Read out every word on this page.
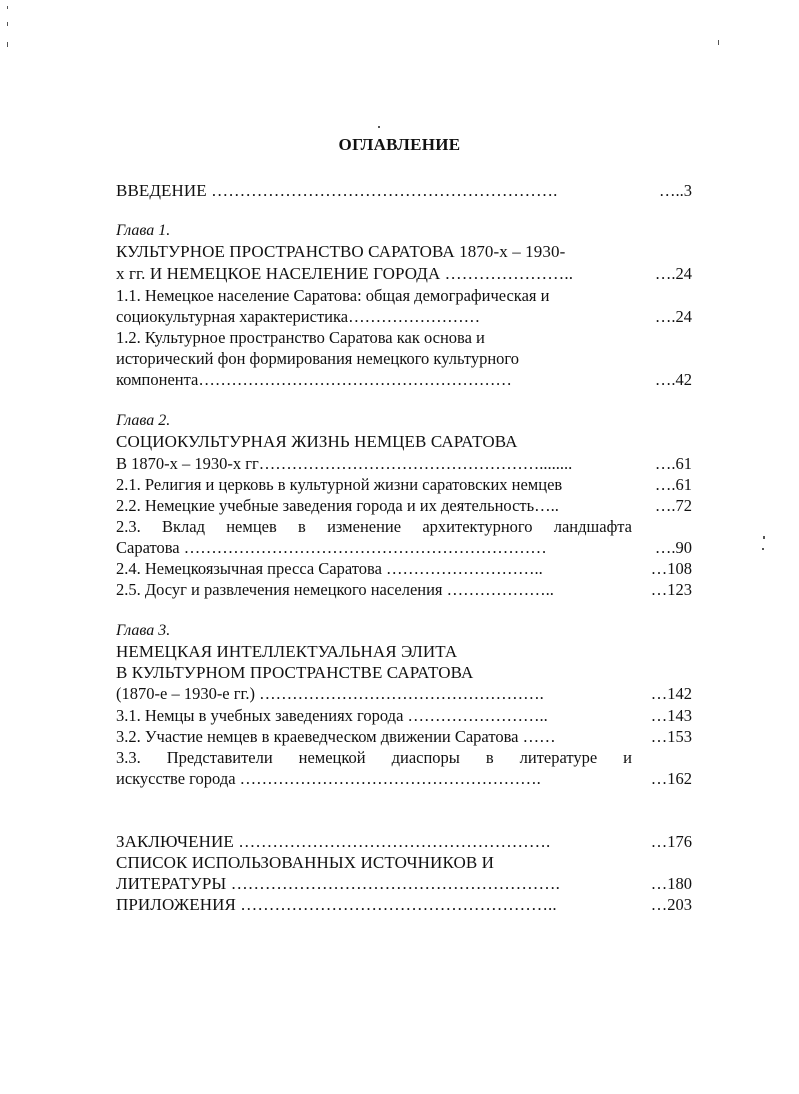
ОГЛАВЛЕНИЕ
ВВЕДЕНИЕ …………………………………………………….	…..3
Глава 1.
КУЛЬТУРНОЕ ПРОСТРАНСТВО САРАТОВА 1870-х – 1930-
х гг. И НЕМЕЦКОЕ НАСЕЛЕНИЕ ГОРОДА …………………..	….24
1.1. Немецкое население Саратова: общая демографическая и
социокультурная характеристика……………………	….24
1.2. Культурное пространство Саратова как основа и
исторический фон формирования немецкого культурного
компонента…………………………………………………	….42
Глава 2.
СОЦИОКУЛЬТУРНАЯ ЖИЗНЬ НЕМЦЕВ САРАТОВА
В 1870-х – 1930-х гг……………………………………………........	….61
2.1. Религия и церковь в культурной жизни саратовских немцев	….61
2.2. Немецкие учебные заведения города и их деятельность…..	….72
2.3. Вклад немцев в изменение архитектурного ландшафта
Саратова …………………………………………………………	….90
2.4. Немецкоязычная пресса Саратова ………………………..	…108
2.5. Досуг и развлечения немецкого населения ………………..	…123
Глава 3.
НЕМЕЦКАЯ ИНТЕЛЛЕКТУАЛЬНАЯ ЭЛИТА
В КУЛЬТУРНОМ ПРОСТРАНСТВЕ САРАТОВА
(1870-е – 1930-е гг.) …………………………………………….	…142
3.1. Немцы в учебных заведениях города ……………………..	…143
3.2. Участие немцев в краеведческом движении Саратова ……	…153
3.3. Представители немецкой диаспоры в литературе и
искусстве города ……………………………………………….	…162
ЗАКЛЮЧЕНИЕ ……………………………………………….	…176
СПИСОК ИСПОЛЬЗОВАННЫХ ИСТОЧНИКОВ И
ЛИТЕРАТУРЫ ………………………………………………….	…180
ПРИЛОЖЕНИЯ ………………………………………………..	…203
